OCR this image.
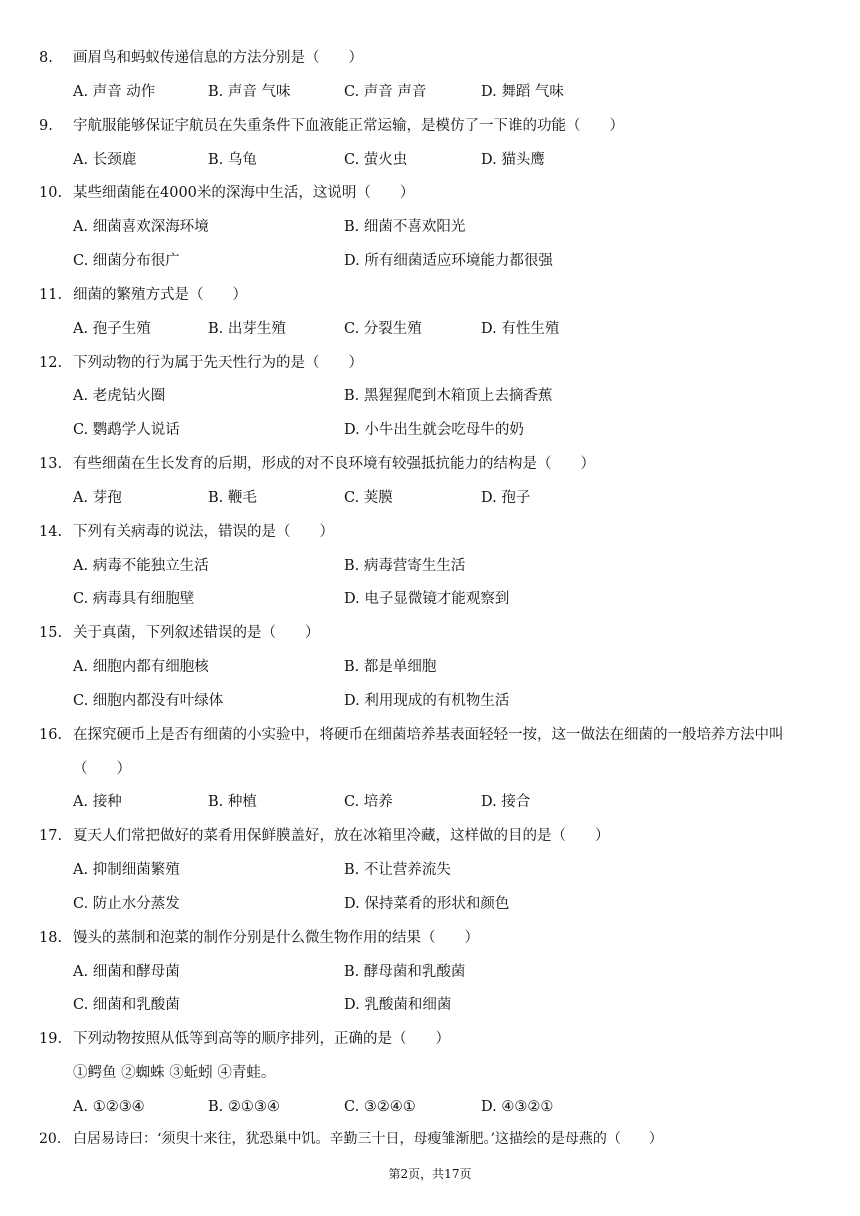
8. 画眉鸟和蚂蚁传递信息的方法分别是（　　）
A. 声音 动作	B. 声音 气味	C. 声音 声音	D. 舞蹈 气味
9. 宇航服能够保证宇航员在失重条件下血液能正常运输，是模仿了一下谁的功能（　　）
A. 长颈鹿	B. 乌龟	C. 萤火虫	D. 猫头鹰
10. 某些细菌能在4000米的深海中生活，这说明（　　）
A. 细菌喜欢深海环境	B. 细菌不喜欢阳光
C. 细菌分布很广	D. 所有细菌适应环境能力都很强
11. 细菌的繁殖方式是（　　）
A. 孢子生殖	B. 出芽生殖	C. 分裂生殖	D. 有性生殖
12. 下列动物的行为属于先天性行为的是（　　）
A. 老虎钻火圈	B. 黑猩猩爬到木箱顶上去摘香蕉
C. 鹦鹉学人说话	D. 小牛出生就会吃母牛的奶
13. 有些细菌在生长发育的后期，形成的对不良环境有较强抵抗能力的结构是（　　）
A. 芽孢	B. 鞭毛	C. 荚膜	D. 孢子
14. 下列有关病毒的说法，错误的是（　　）
A. 病毒不能独立生活	B. 病毒营寄生生活
C. 病毒具有细胞壁	D. 电子显微镜才能观察到
15. 关于真菌，下列叙述错误的是（　　）
A. 细胞内都有细胞核	B. 都是单细胞
C. 细胞内都没有叶绿体	D. 利用现成的有机物生活
16. 在探究硬币上是否有细菌的小实验中，将硬币在细菌培养基表面轻轻一按，这一做法在细菌的一般培养方法中叫
（　　）
A. 接种	B. 种植	C. 培养	D. 接合
17. 夏天人们常把做好的菜肴用保鲜膜盖好，放在冰箱里冷藏，这样做的目的是（　　）
A. 抑制细菌繁殖	B. 不让营养流失
C. 防止水分蒸发	D. 保持菜肴的形状和颜色
18. 馒头的蒸制和泡菜的制作分别是什么微生物作用的结果（　　）
A. 细菌和酵母菌	B. 酵母菌和乳酸菌
C. 细菌和乳酸菌	D. 乳酸菌和细菌
19. 下列动物按照从低等到高等的顺序排列，正确的是（　　）
①鳄鱼 ②蜘蛛 ③蚯蚓 ④青蛙。
A. ①②③④	B. ②①③④	C. ③②④①	D. ④③②①
20. 白居易诗曰：‘须臾十来往，犹恐巢中饥。辛勤三十日，母瘦雏渐肥。’这描绘的是母燕的（　　）
第2页，共17页
